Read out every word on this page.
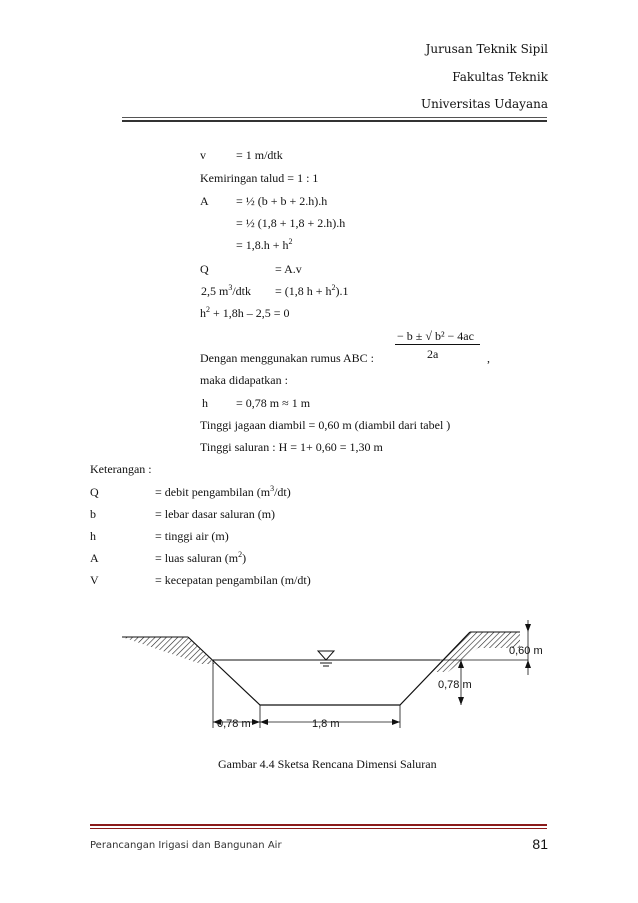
Jurusan Teknik Sipil
Fakultas Teknik
Universitas Udayana
v	= 1 m/dtk
Kemiringan talud = 1 : 1
A = ½ (b + b + 2.h).h
= ½ (1,8 + 1,8 + 2.h).h
= $1,8.h + h^2$
Q	= A.v
2,5 $m^3$/dtk = (1,8 $h + h^2).1$
$h^2 + 1,8h - 2,5 = 0$
− b ± √ b² − 4ac
2a
Dengan menggunakan rumus ABC :	,
maka didapatkan :
h = 0,78 m ≈ 1 m
Tinggi jagaan diambil = 0,60 m (diambil dari tabel )
Tinggi saluran : H = 1+ 0,60 = 1,30 m
Keterangan :
Q	= debit pengambilan $(m^3/dt)$
b	= lebar dasar saluran (m)
h	= tinggi air (m)
A	= luas saluran $(m^2)$
V	= kecepatan pengambilan (m/dt)
0,60 m
0,78 m
0,78 m	1,8 m
Gambar 4.4 Sketsa Rencana Dimensi Saluran
Perancangan Irigasi dan Bangunan Air	81
